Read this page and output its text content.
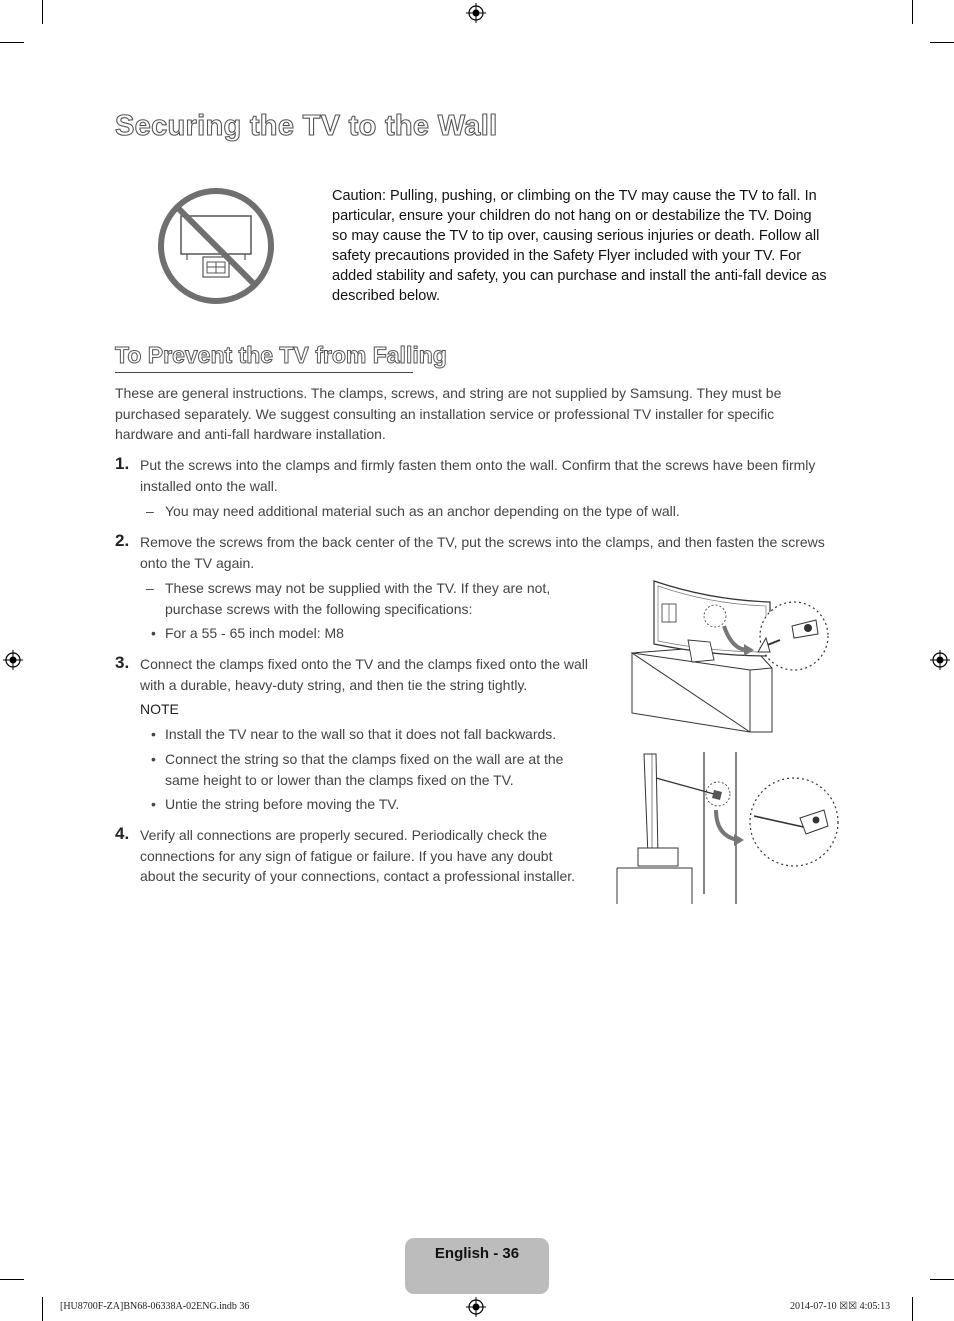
Securing the TV to the Wall

Caution: Pulling, pushing, or climbing on the TV may cause the TV to fall. In particular, ensure your children do not hang on or destabilize the TV. Doing so may cause the TV to tip over, causing serious injuries or death. Follow all safety precautions provided in the Safety Flyer included with your TV. For added stability and safety, you can purchase and install the anti-fall device as described below.

To Prevent the TV from Falling

These are general instructions. The clamps, screws, and string are not supplied by Samsung. They must be purchased separately. We suggest consulting an installation service or professional TV installer for specific hardware and anti-fall hardware installation.

1. Put the screws into the clamps and firmly fasten them onto the wall. Confirm that the screws have been firmly installed onto the wall.

– You may need additional material such as an anchor depending on the type of wall.

2. Remove the screws from the back center of the TV, put the screws into the clamps, and then fasten the screws onto the TV again.

– These screws may not be supplied with the TV. If they are not, purchase screws with the following specifications:

• For a 55 - 65 inch model: M8

3. Connect the clamps fixed onto the TV and the clamps fixed onto the wall with a durable, heavy-duty string, and then tie the string tightly.

NOTE
• Install the TV near to the wall so that it does not fall backwards.

• Connect the string so that the clamps fixed on the wall are at the same height to or lower than the clamps fixed on the TV.

• Untie the string before moving the TV.

4. Verify all connections are properly secured. Periodically check the connections for any sign of fatigue or failure. If you have any doubt about the security of your connections, contact a professional installer.

English - 36
[HU8700F-ZA]BN68-06338A-02ENG.indb 36	2014-07-10 ☒☒ 4:05:13
